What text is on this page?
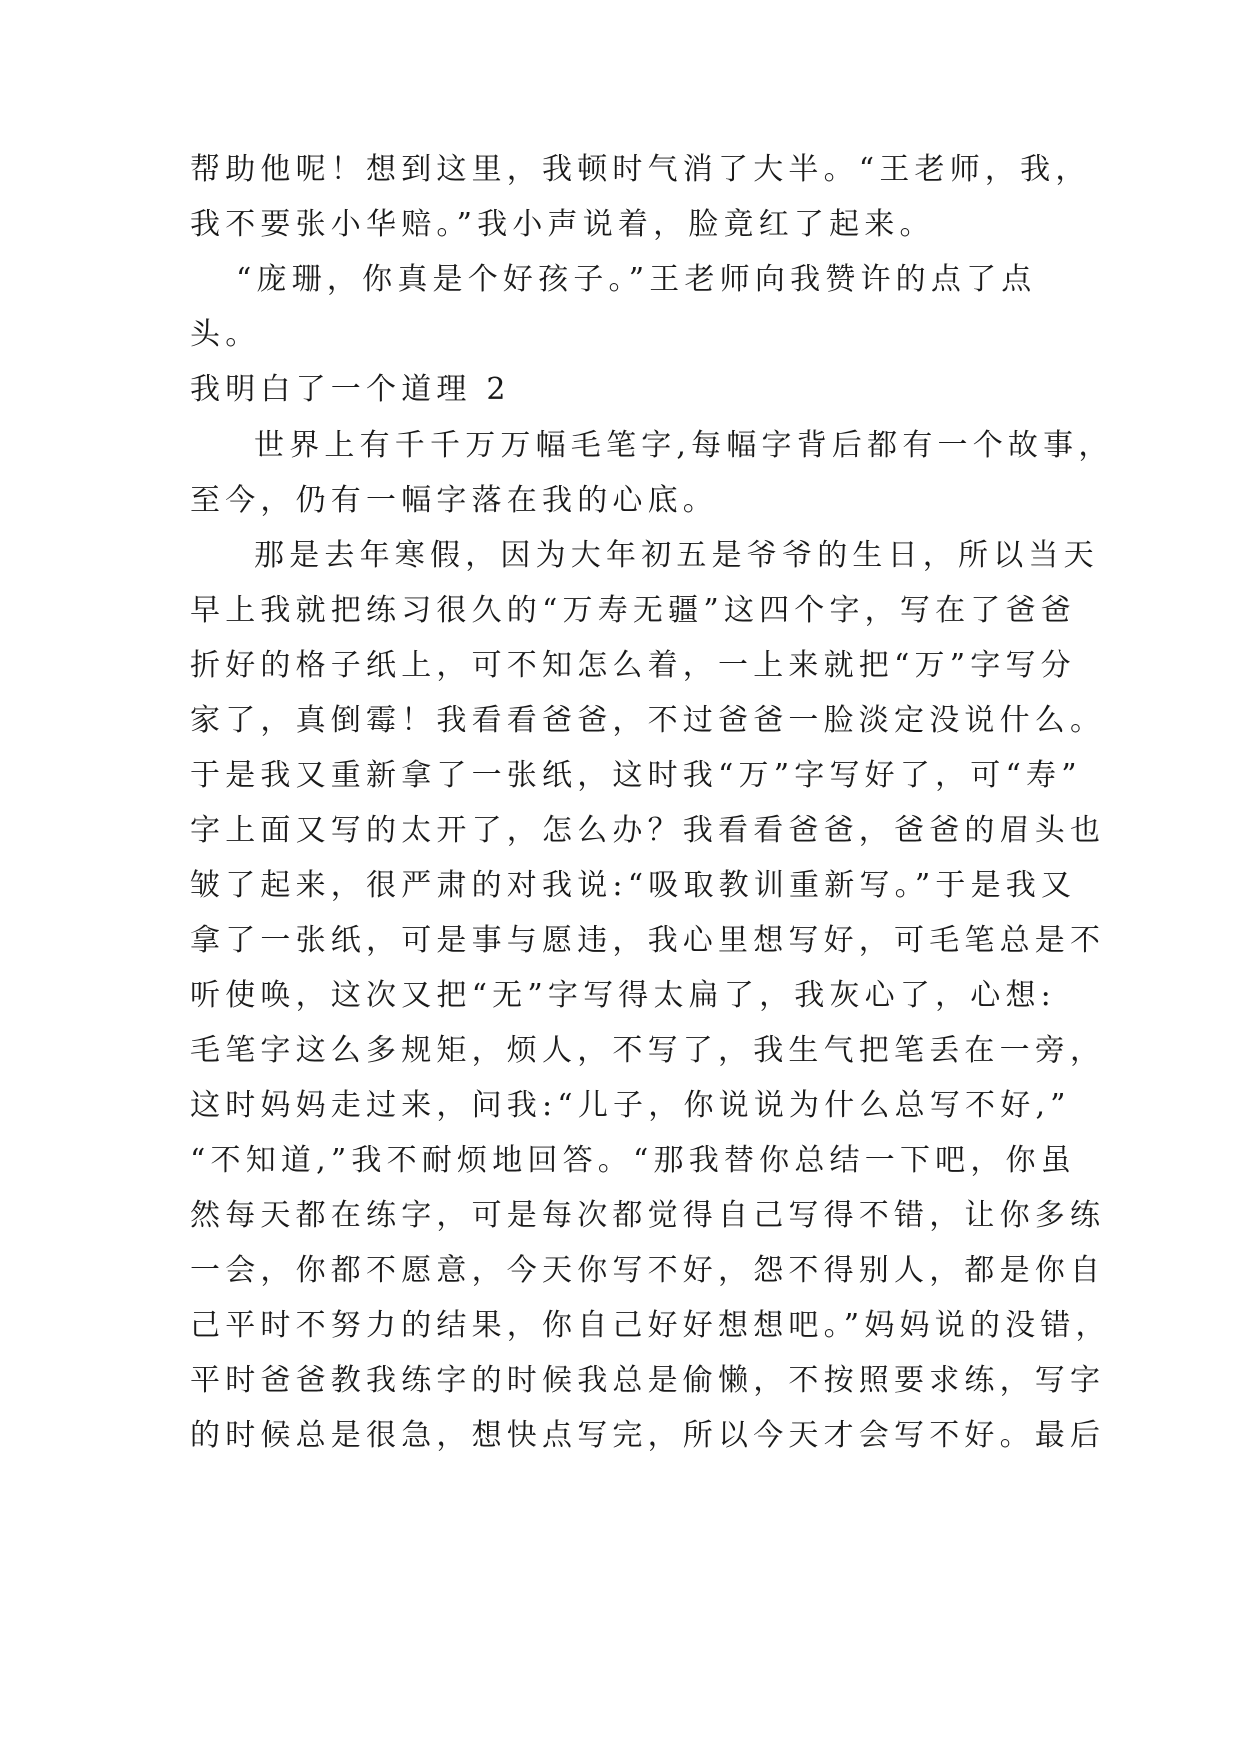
帮助他呢！想到这里，我顿时气消了大半。“王老师，我，
我不要张小华赔。”我小声说着，脸竟红了起来。
“庞珊，你真是个好孩子。”王老师向我赞许的点了点
头。
我明白了一个道理 2
世界上有千千万万幅毛笔字,每幅字背后都有一个故事，
至今，仍有一幅字落在我的心底。
那是去年寒假，因为大年初五是爷爷的生日，所以当天
早上我就把练习很久的“万寿无疆”这四个字，写在了爸爸
折好的格子纸上，可不知怎么着，一上来就把“万”字写分
家了，真倒霉！我看看爸爸，不过爸爸一脸淡定没说什么。
于是我又重新拿了一张纸，这时我“万”字写好了，可“寿”
字上面又写的太开了，怎么办？我看看爸爸，爸爸的眉头也
皱了起来，很严肃的对我说:“吸取教训重新写。”于是我又
拿了一张纸，可是事与愿违，我心里想写好，可毛笔总是不
听使唤，这次又把“无”字写得太扁了，我灰心了，心想:
毛笔字这么多规矩，烦人，不写了，我生气把笔丢在一旁，
这时妈妈走过来，问我:“儿子，你说说为什么总写不好,”
“不知道,”我不耐烦地回答。“那我替你总结一下吧，你虽
然每天都在练字，可是每次都觉得自己写得不错，让你多练
一会，你都不愿意，今天你写不好，怨不得别人，都是你自
己平时不努力的结果，你自己好好想想吧。”妈妈说的没错，
平时爸爸教我练字的时候我总是偷懒，不按照要求练，写字
的时候总是很急，想快点写完，所以今天才会写不好。最后
